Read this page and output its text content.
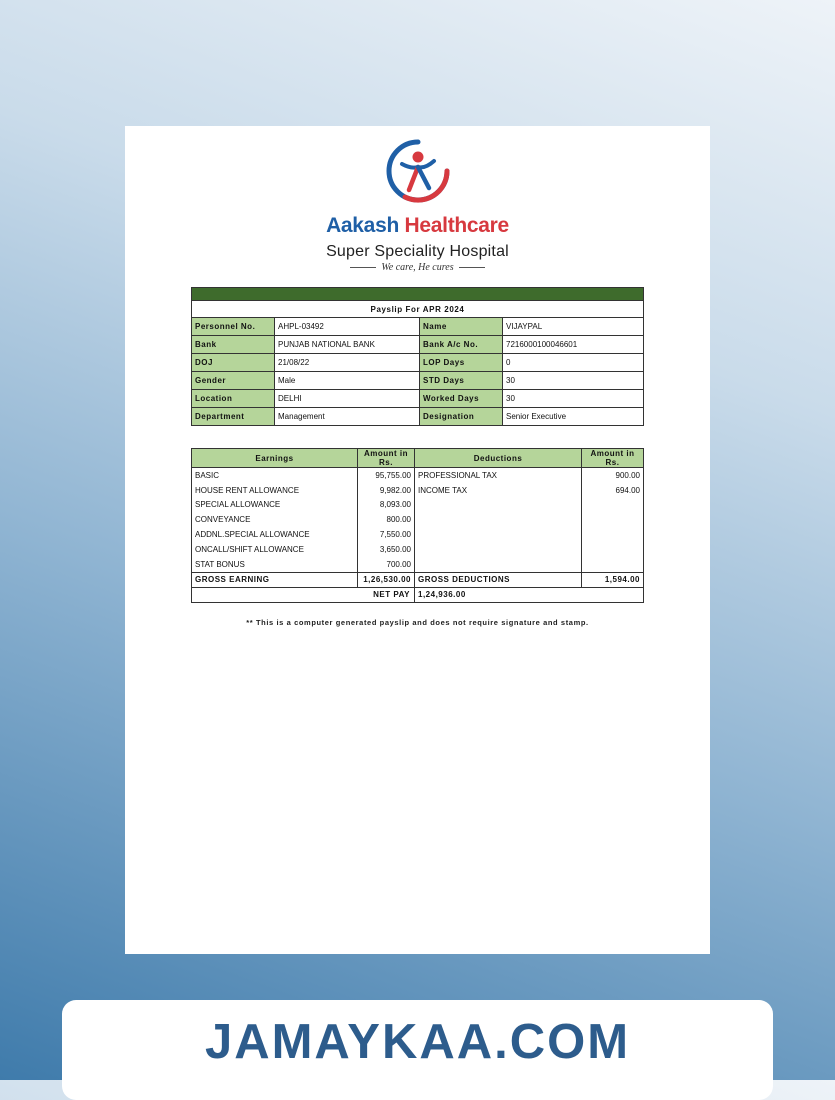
Aakash Healthcare
Super Speciality Hospital
We care, He cures

Payslip For APR 2024			
Personnel No.	AHPL-03492	Name	VIJAYPAL
Bank	PUNJAB NATIONAL BANK	Bank A/c No.	7216000100046601
DOJ	21/08/22	LOP Days	0
Gender	Male	STD Days	30
Location	DELHI	Worked Days	30
Department	Management	Designation	Senior Executive
Earnings	Amount in Rs.	Deductions	Amount in Rs.
BASIC	95,755.00	PROFESSIONAL TAX	900.00
HOUSE RENT ALLOWANCE	9,982.00	INCOME TAX	694.00
SPECIAL ALLOWANCE	8,093.00		
CONVEYANCE	800.00		
ADDNL.SPECIAL ALLOWANCE	7,550.00		
ONCALL/SHIFT ALLOWANCE	3,650.00		
STAT BONUS	700.00		
GROSS EARNING	1,26,530.00	GROSS DEDUCTIONS	1,594.00
NET PAY		1,24,936.00	
** This is a computer generated payslip and does not require signature and stamp.
JAMAYKAA.COM
